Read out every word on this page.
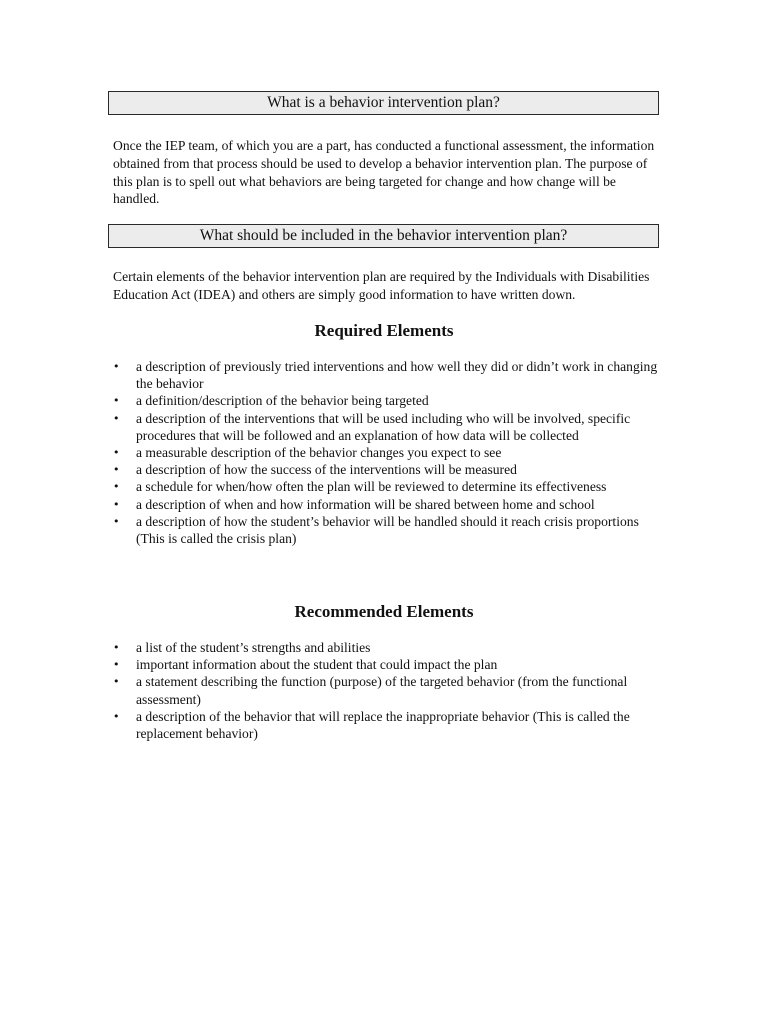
What is a behavior intervention plan?

Once the IEP team, of which you are a part, has conducted a functional assessment, the information obtained from that process should be used to develop a behavior intervention plan. The purpose of this plan is to spell out what behaviors are being targeted for change and how change will be handled.

What should be included in the behavior intervention plan?

Certain elements of the behavior intervention plan are required by the Individuals with Disabilities Education Act (IDEA) and others are simply good information to have written down.

Required Elements
•	a description of previously tried interventions and how well they did or didn’t work in changing the behavior
•	a definition/description of the behavior being targeted
•	a description of the interventions that will be used including who will be involved, specific procedures that will be followed and an explanation of how data will be collected
•	a measurable description of the behavior changes you expect to see
•	a description of how the success of the interventions will be measured
•	a schedule for when/how often the plan will be reviewed to determine its effectiveness
•	a description of when and how information will be shared between home and school
•	a description of how the student’s behavior will be handled should it reach crisis proportions (This is called the crisis plan)
Recommended Elements
•	a list of the student’s strengths and abilities
•	important information about the student that could impact the plan
•	a statement describing the function (purpose) of the targeted behavior (from the functional assessment)
•	a description of the behavior that will replace the inappropriate behavior (This is called the replacement behavior)
